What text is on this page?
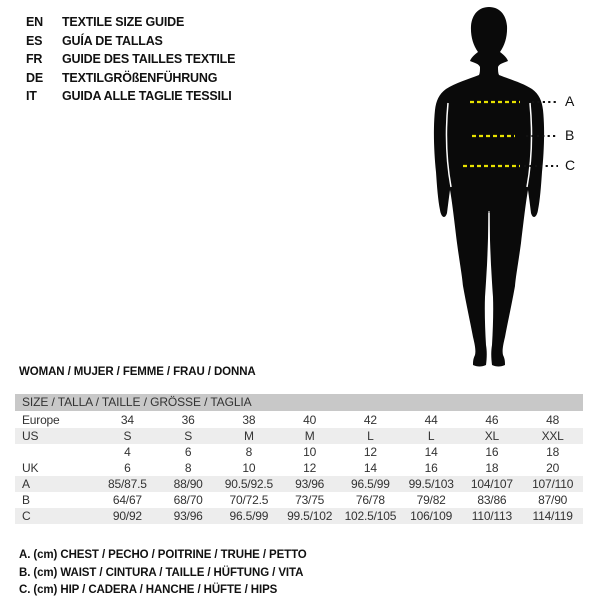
EN	TEXTILE SIZE GUIDE
ES	GUÍA DE TALLAS
FR	GUIDE DES TAILLES TEXTILE
DE	TEXTILGRÖßENFÜHRUNG
IT	GUIDA ALLE TAGLIE TESSILI	A
B
C
WOMAN / MUJER / FEMME / FRAU / DONNA
SIZE / TALLA / TAILLE / GRÖSSE / TAGLIA
Europe	34	36	38	40	42	44	46	48
US	S	S	M	M	L	L	XL	XXL
	4	6	8	10	12	14	16	18
UK	6	8	10	12	14	16	18	20
A	85/87.5	88/90	90.5/92.5	93/96	96.5/99	99.5/103	104/107	107/110
B	64/67	68/70	70/72.5	73/75	76/78	79/82	83/86	87/90
C	90/92	93/96	96.5/99	99.5/102	102.5/105	106/109	110/113	114/119
A. (cm) CHEST / PECHO / POITRINE / TRUHE / PETTO
B. (cm) WAIST / CINTURA / TAILLE / HÜFTUNG / VITA
C. (cm) HIP / CADERA / HANCHE / HÜFTE / HIPS
